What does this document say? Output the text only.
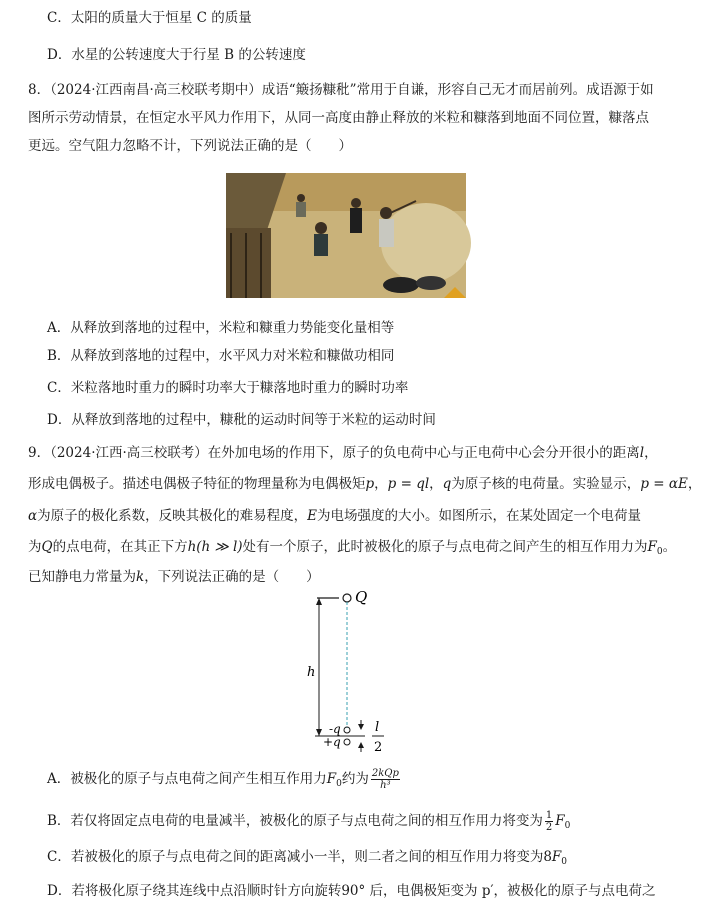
C．太阳的质量大于恒星 C 的质量
D．水星的公转速度大于行星 B 的公转速度
8．（2024·江西南昌·高三校联考期中）成语“簸扬糠秕”常用于自谦，形容自己无才而居前列。成语源于如
图所示劳动情景，在恒定水平风力作用下，从同一高度由静止释放的米粒和糠落到地面不同位置，糠落点
更远。空气阻力忽略不计，下列说法正确的是（　　）
A．从释放到落地的过程中，米粒和糠重力势能变化量相等
B．从释放到落地的过程中，水平风力对米粒和糠做功相同
C．米粒落地时重力的瞬时功率大于糠落地时重力的瞬时功率
D．从释放到落地的过程中，糠秕的运动时间等于米粒的运动时间
9．（2024·江西·高三校联考）在外加电场的作用下，原子的负电荷中心与正电荷中心会分开很小的距离l，
形成电偶极子。描述电偶极子特征的物理量称为电偶极矩p，p = ql，q为原子核的电荷量。实验显示，p = αE，
α为原子的极化系数，反映其极化的难易程度，E为电场强度的大小。如图所示，在某处固定一个电荷量
为Q的点电荷，在其正下方h(h ≫ l)处有一个原子，此时被极化的原子与点电荷之间产生的相互作用力为$F_0$。
已知静电力常量为k，下列说法正确的是（　　）
Q
h
-q
+q
l
2
A．被极化的原子与点电荷之间产生相互作用力$F_0$约为 $\frac{\text{2kQp}}{\text{h³}}$
B．若仅将固定点电荷的电量减半，被极化的原子与点电荷之间的相互作用力将变为 $\frac{1}{2} F_0$
C．若被极化的原子与点电荷之间的距离减小一半，则二者之间的相互作用力将变为$8F_0$
D．若将极化原子绕其连线中点沿顺时针方向旋转90° 后，电偶极矩变为 p′，被极化的原子与点电荷之
